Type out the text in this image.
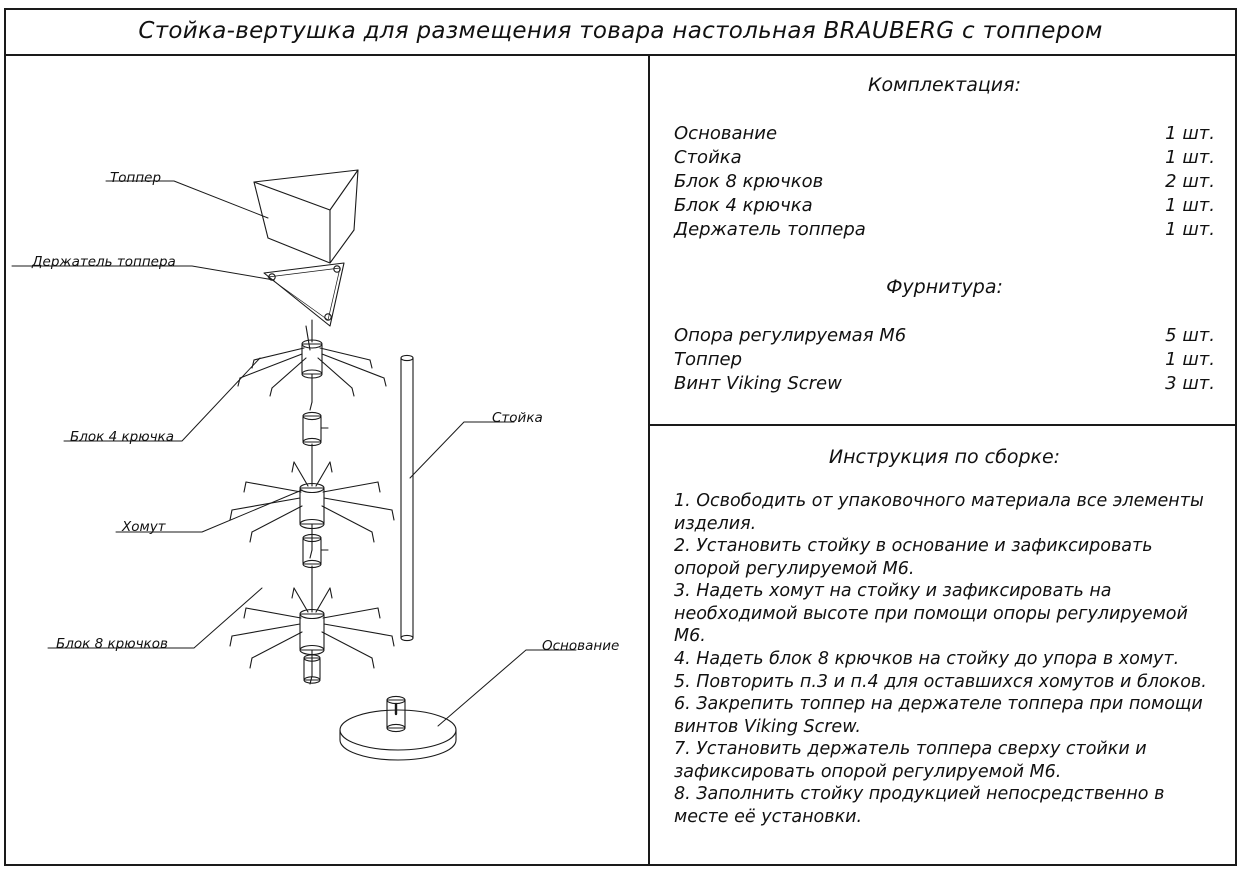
Стойка-вертушка для размещения товара настольная BRAUBERG с топпером
Топпер
Держатель топпера
Блок 4 крючка
Хомут
Блок 8 крючков
Стойка
Основание
Комплектация:
Основание	1 шт.
Стойка	1 шт.
Блок 8 крючков	2 шт.
Блок 4 крючка	1 шт.
Держатель топпера	1 шт.
Фурнитура:
Опора регулируемая М6	5 шт.
Топпер	1 шт.
Винт Viking Screw	3 шт.
Инструкция по сборке:

1. Освободить от упаковочного материала все элементы изделия.

2. Установить стойку в основание и зафиксировать опорой регулируемой М6.

3. Надеть хомут на стойку и зафиксировать на необходимой высоте при помощи опоры регулируемой М6.

4. Надеть блок 8 крючков на стойку до упора в хомут.

5. Повторить п.3 и п.4 для оставшихся хомутов и блоков.

6. Закрепить топпер на держателе топпера при помощи винтов Viking Screw.

7. Установить держатель топпера сверху стойки и зафиксировать опорой регулируемой М6.

8. Заполнить стойку продукцией непосредственно в месте её установки.
